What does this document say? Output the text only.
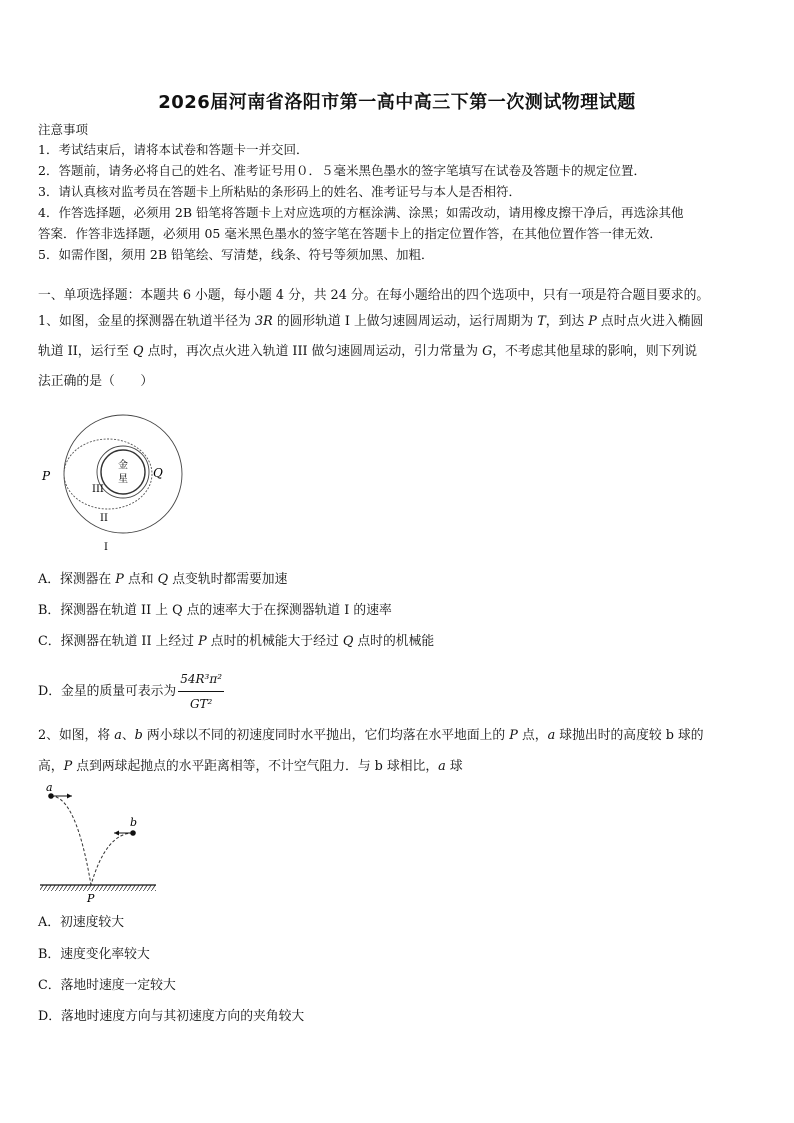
2026届河南省洛阳市第一高中高三下第一次测试物理试题
注意事项
1．考试结束后，请将本试卷和答题卡一并交回．
2．答题前，请务必将自己的姓名、准考证号用０．５毫米黑色墨水的签字笔填写在试卷及答题卡的规定位置．
3．请认真核对监考员在答题卡上所粘贴的条形码上的姓名、准考证号与本人是否相符．
4．作答选择题，必须用 2B 铅笔将答题卡上对应选项的方框涂满、涂黑；如需改动，请用橡皮擦干净后，再选涂其他
答案．作答非选择题，必须用 05 毫米黑色墨水的签字笔在答题卡上的指定位置作答，在其他位置作答一律无效．
5．如需作图，须用 2B 铅笔绘、写清楚，线条、符号等须加黑、加粗．
一、单项选择题：本题共 6 小题，每小题 4 分，共 24 分。在每小题给出的四个选项中，只有一项是符合题目要求的。
1、如图，金星的探测器在轨道半径为 3R 的圆形轨道 I 上做匀速圆周运动，运行周期为 T，到达 P 点时点火进入椭圆
轨道 II，运行至 Q 点时，再次点火进入轨道 III 做匀速圆周运动，引力常量为 G，不考虑其他星球的影响，则下列说
法正确的是（　　）
金
星
P	Q
III
II
I
A．探测器在 P 点和 Q 点变轨时都需要加速
B．探测器在轨道 II 上 Q 点的速率大于在探测器轨道 I 的速率
C．探测器在轨道 II 上经过 P 点时的机械能大于经过 Q 点时的机械能
D．金星的质量可表示为 $\frac{\text{54R³π²}}{\text{GT²}}$
2、如图，将 a、b 两小球以不同的初速度同时水平抛出，它们均落在水平地面上的 P 点，a 球抛出时的高度较 b 球的
高，P 点到两球起抛点的水平距离相等，不计空气阻力．与 b 球相比，a 球
a
b
P
A．初速度较大
B．速度变化率较大
C．落地时速度一定较大
D．落地时速度方向与其初速度方向的夹角较大
